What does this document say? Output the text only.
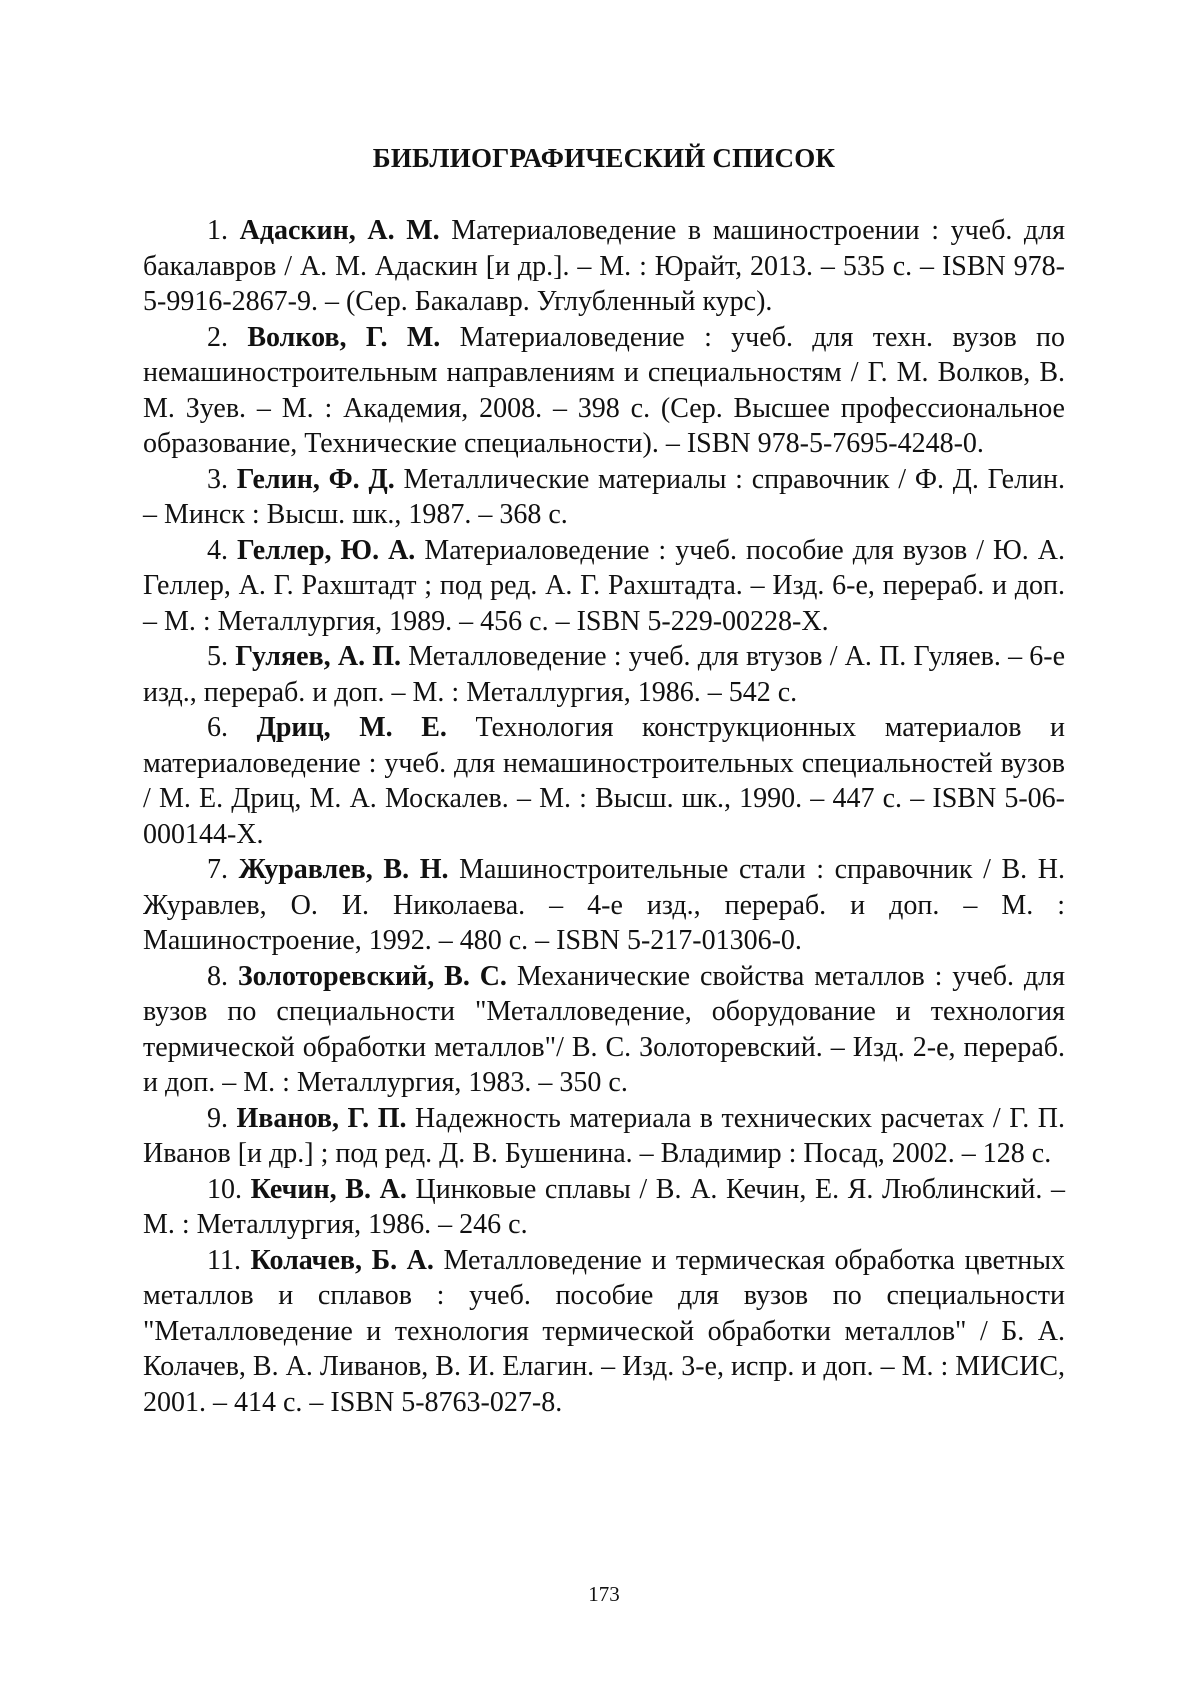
БИБЛИОГРАФИЧЕСКИЙ СПИСОК
1. Адаскин, А. М. Материаловедение в машиностроении : учеб. для бакалавров / А. М. Адаскин [и др.]. – М. : Юрайт, 2013. – 535 с. – ISBN 978-5-9916-2867-9. – (Сер. Бакалавр. Углубленный курс).
2. Волков, Г. М. Материаловедение : учеб. для техн. вузов по немашиностроительным направлениям и специальностям / Г. М. Волков, В. М. Зуев. – М. : Академия, 2008. – 398 с. (Сер. Высшее профессиональное образование, Технические специальности). – ISBN 978-5-7695-4248-0.
3. Гелин, Ф. Д. Металлические материалы : справочник / Ф. Д. Гелин. – Минск : Высш. шк., 1987. – 368 с.
4. Геллер, Ю. А. Материаловедение : учеб. пособие для вузов / Ю. А. Геллер, А. Г. Рахштадт ; под ред. А. Г. Рахштадта. – Изд. 6-е, перераб. и доп. – М. : Металлургия, 1989. – 456 с. – ISBN 5-229-00228-X.
5. Гуляев, А. П. Металловедение : учеб. для втузов / А. П. Гуляев. – 6-е изд., перераб. и доп. – М. : Металлургия, 1986. – 542 с.
6. Дриц, М. Е. Технология конструкционных материалов и материаловедение : учеб. для немашиностроительных специальностей вузов / М. Е. Дриц, М. А. Москалев. – М. : Высш. шк., 1990. – 447 с. – ISBN 5-06-000144-X.
7. Журавлев, В. Н. Машиностроительные стали : справочник / В. Н. Журавлев, О. И. Николаева. – 4-е изд., перераб. и доп. – М. : Машиностроение, 1992. – 480 с. – ISBN 5-217-01306-0.
8. Золоторевский, В. С. Механические свойства металлов : учеб. для вузов по специальности "Металловедение, оборудование и технология термической обработки металлов"/ В. С. Золоторевский. – Изд. 2-е, перераб. и доп. – М. : Металлургия, 1983. – 350 с.
9. Иванов, Г. П. Надежность материала в технических расчетах / Г. П. Иванов [и др.] ; под ред. Д. В. Бушенина. – Владимир : Посад, 2002. – 128 с.
10. Кечин, В. А. Цинковые сплавы / В. А. Кечин, Е. Я. Люблинский. – М. : Металлургия, 1986. – 246 с.
11. Колачев, Б. А. Металловедение и термическая обработка цветных металлов и сплавов : учеб. пособие для вузов по специальности "Металловедение и технология термической обработки металлов" / Б. А. Колачев, В. А. Ливанов, В. И. Елагин. – Изд. 3-е, испр. и доп. – М. : МИСИС, 2001. – 414 с. – ISBN 5-8763-027-8.

173
